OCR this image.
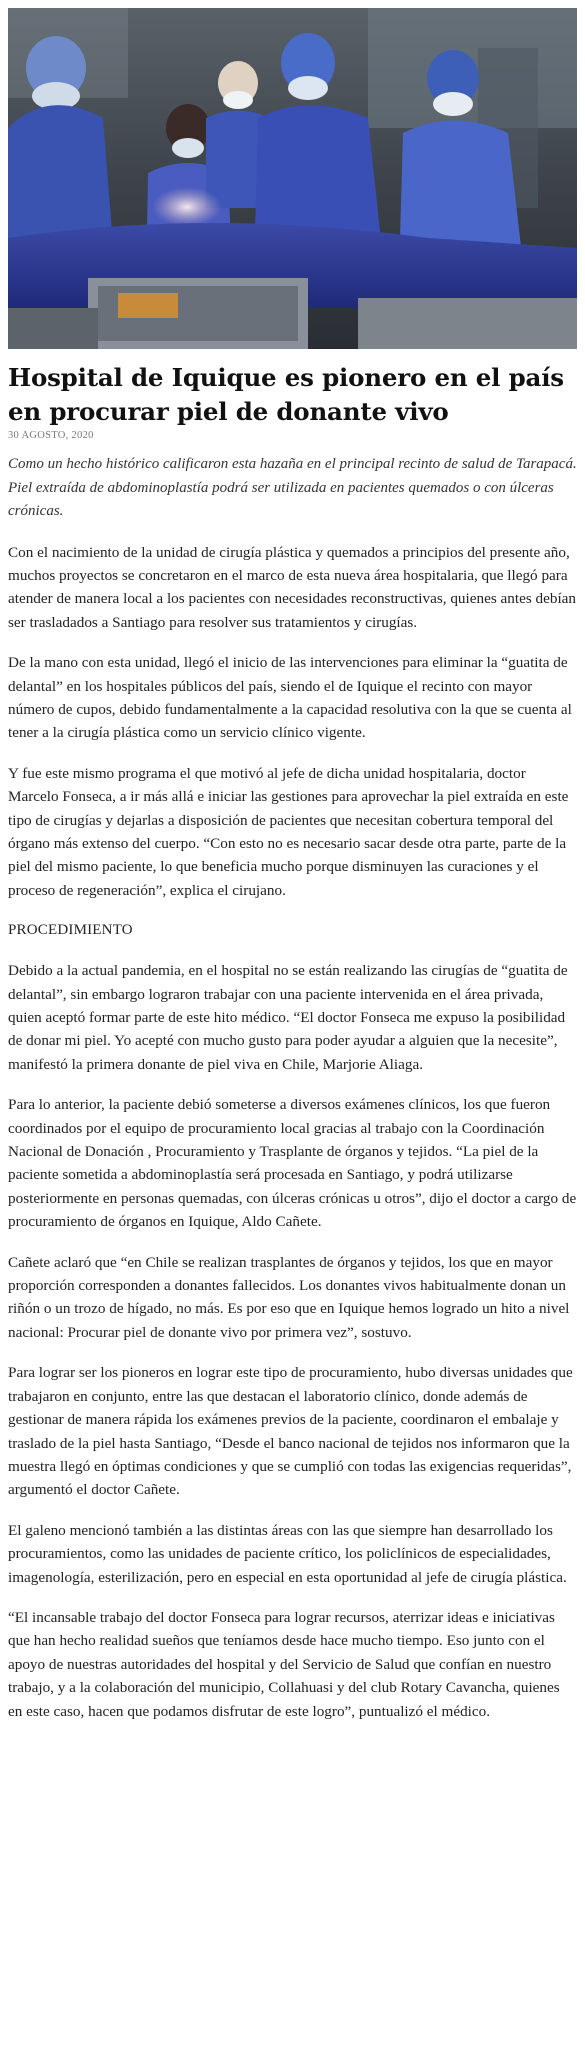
Hospital de Iquique es pionero en el país en procurar piel de donante vivo
30 AGOSTO, 2020

Como un hecho histórico calificaron esta hazaña en el principal recinto de salud de Tarapacá. Piel extraída de abdominoplastía podrá ser utilizada en pacientes quemados o con úlceras crónicas.

Con el nacimiento de la unidad de cirugía plástica y quemados a principios del presente año, muchos proyectos se concretaron en el marco de esta nueva área hospitalaria, que llegó para atender de manera local a los pacientes con necesidades reconstructivas, quienes antes debían ser trasladados a Santiago para resolver sus tratamientos y cirugías.

De la mano con esta unidad, llegó el inicio de las intervenciones para eliminar la “guatita de delantal” en los hospitales públicos del país, siendo el de Iquique el recinto con mayor número de cupos, debido fundamentalmente a la capacidad resolutiva con la que se cuenta al tener a la cirugía plástica como un servicio clínico vigente.

Y fue este mismo programa el que motivó al jefe de dicha unidad hospitalaria, doctor Marcelo Fonseca, a ir más allá e iniciar las gestiones para aprovechar la piel extraída en este tipo de cirugías y dejarlas a disposición de pacientes que necesitan cobertura temporal del órgano más extenso del cuerpo. “Con esto no es necesario sacar desde otra parte, parte de la piel del mismo paciente, lo que beneficia mucho porque disminuyen las curaciones y el proceso de regeneración”, explica el cirujano.

PROCEDIMIENTO

Debido a la actual pandemia, en el hospital no se están realizando las cirugías de “guatita de delantal”, sin embargo lograron trabajar con una paciente intervenida en el área privada, quien aceptó formar parte de este hito médico. “El doctor Fonseca me expuso la posibilidad de donar mi piel. Yo acepté con mucho gusto para poder ayudar a alguien que la necesite”, manifestó la primera donante de piel viva en Chile, Marjorie Aliaga.

Para lo anterior, la paciente debió someterse a diversos exámenes clínicos, los que fueron coordinados por el equipo de procuramiento local gracias al trabajo con la Coordinación Nacional de Donación , Procuramiento y Trasplante de órganos y tejidos. “La piel de la paciente sometida a abdominoplastía será procesada en Santiago, y podrá utilizarse posteriormente en personas quemadas, con úlceras crónicas u otros”, dijo el doctor a cargo de procuramiento de órganos en Iquique, Aldo Cañete.

Cañete aclaró que “en Chile se realizan trasplantes de órganos y tejidos, los que en mayor proporción corresponden a donantes fallecidos. Los donantes vivos habitualmente donan un riñón o un trozo de hígado, no más. Es por eso que en Iquique hemos logrado un hito a nivel nacional: Procurar piel de donante vivo por primera vez”, sostuvo.

Para lograr ser los pioneros en lograr este tipo de procuramiento, hubo diversas unidades que trabajaron en conjunto, entre las que destacan el laboratorio clínico, donde además de gestionar de manera rápida los exámenes previos de la paciente, coordinaron el embalaje y traslado de la piel hasta Santiago, “Desde el banco nacional de tejidos nos informaron que la muestra llegó en óptimas condiciones y que se cumplió con todas las exigencias requeridas”, argumentó el doctor Cañete.

El galeno mencionó también a las distintas áreas con las que siempre han desarrollado los procuramientos, como las unidades de paciente crítico, los policlínicos de especialidades, imagenología, esterilización, pero en especial en esta oportunidad al jefe de cirugía plástica.

“El incansable trabajo del doctor Fonseca para lograr recursos, aterrizar ideas e iniciativas que han hecho realidad sueños que teníamos desde hace mucho tiempo. Eso junto con el apoyo de nuestras autoridades del hospital y del Servicio de Salud que confían en nuestro trabajo, y a la colaboración del municipio, Collahuasi y del club Rotary Cavancha, quienes en este caso, hacen que podamos disfrutar de este logro”, puntualizó el médico.
